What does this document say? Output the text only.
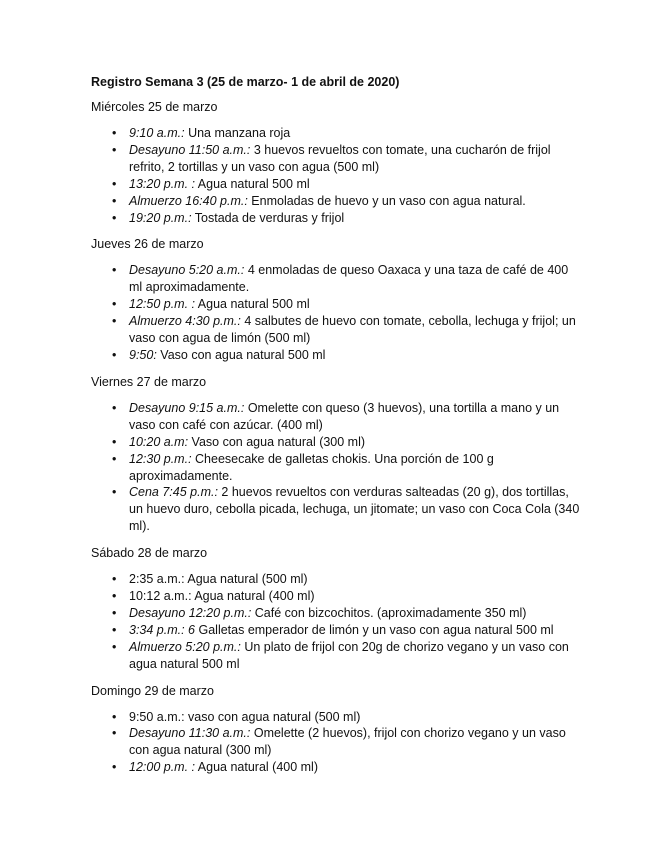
Registro Semana 3 (25 de marzo- 1 de abril de 2020)

Miércoles 25 de marzo

• 9:10 a.m.: Una manzana roja
• Desayuno 11:50 a.m.: 3 huevos revueltos con tomate, una cucharón de frijol refrito, 2 tortillas y un vaso con agua (500 ml)
• 13:20 p.m. : Agua natural 500 ml
• Almuerzo 16:40 p.m.: Enmoladas de huevo y un vaso con agua natural.
• 19:20 p.m.: Tostada de verduras y frijol

Jueves 26 de marzo

• Desayuno 5:20 a.m.: 4 enmoladas de queso Oaxaca y una taza de café de 400 ml aproximadamente.
• 12:50 p.m. : Agua natural 500 ml
• Almuerzo 4:30 p.m.: 4 salbutes de huevo con tomate, cebolla, lechuga y frijol; un vaso con agua de limón (500 ml)
• 9:50: Vaso con agua natural 500 ml

Viernes 27 de marzo

• Desayuno 9:15 a.m.: Omelette con queso (3 huevos), una tortilla a mano y un vaso con café con azúcar. (400 ml)
• 10:20 a.m: Vaso con agua natural (300 ml)
• 12:30 p.m.: Cheesecake de galletas chokis. Una porción de 100 g aproximadamente.
• Cena 7:45 p.m.: 2 huevos revueltos con verduras salteadas (20 g), dos tortillas, un huevo duro, cebolla picada, lechuga, un jitomate; un vaso con Coca Cola (340 ml).

Sábado 28 de marzo

• 2:35 a.m.: Agua natural (500 ml)
• 10:12 a.m.: Agua natural (400 ml)
• Desayuno 12:20 p.m.: Café con bizcochitos. (aproximadamente 350 ml)
• 3:34 p.m.: 6 Galletas emperador de limón y un vaso con agua natural 500 ml
• Almuerzo 5:20 p.m.: Un plato de frijol con 20g de chorizo vegano y un vaso con agua natural 500 ml

Domingo 29 de marzo

• 9:50 a.m.: vaso con agua natural (500 ml)
• Desayuno 11:30 a.m.: Omelette (2 huevos), frijol con chorizo vegano y un vaso con agua natural (300 ml)
• 12:00 p.m. : Agua natural (400 ml)
